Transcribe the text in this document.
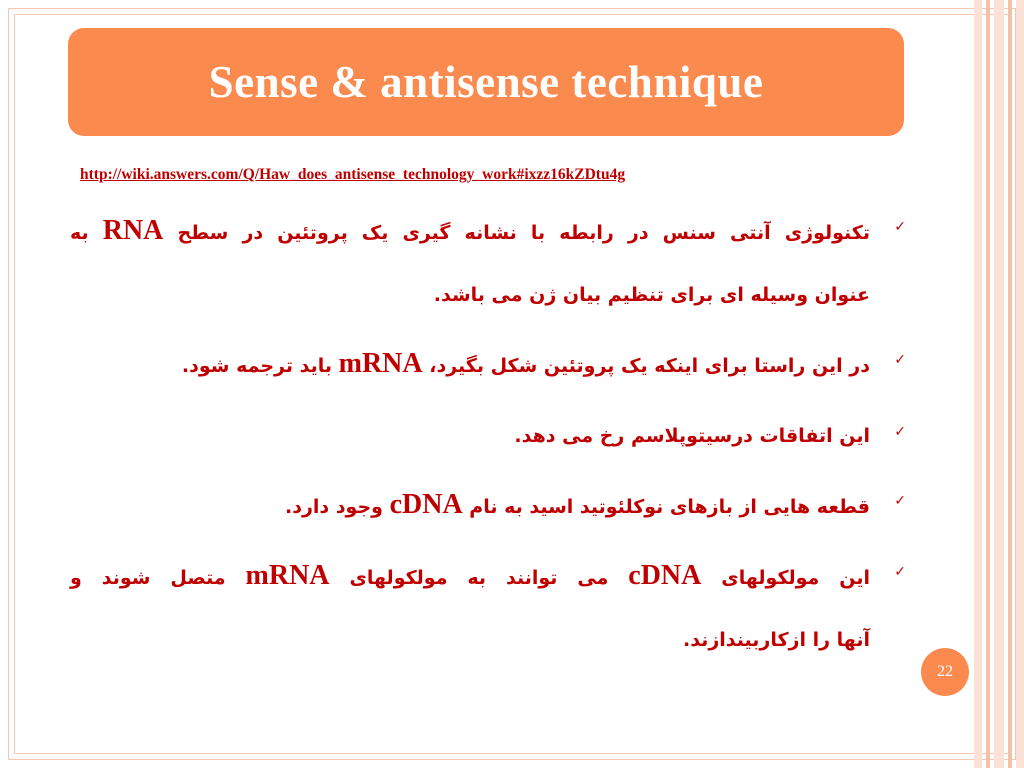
Sense & antisense technique
http://wiki.answers.com/Q/Haw_does_antisense_technology_work#ixzz16kZDtu4g
✓
تکنولوژی آنتی سنس در رابطه با نشانه گیری یک پروتئین در سطح RNA به
عنوان وسیله ای برای تنظیم بیان ژن می باشد.
✓
در این راستا برای اینکه یک پروتئین شکل بگیرد، mRNA باید ترجمه شود.
✓
این اتفاقات درسیتوپلاسم رخ می دهد.
✓
قطعه هایی از بازهای نوکلئوتید اسید به نام cDNA وجود دارد.
✓
این مولکولهای cDNA می توانند به مولکولهای mRNA متصل شوند و
آنها را ازکاربیندازند.
22
